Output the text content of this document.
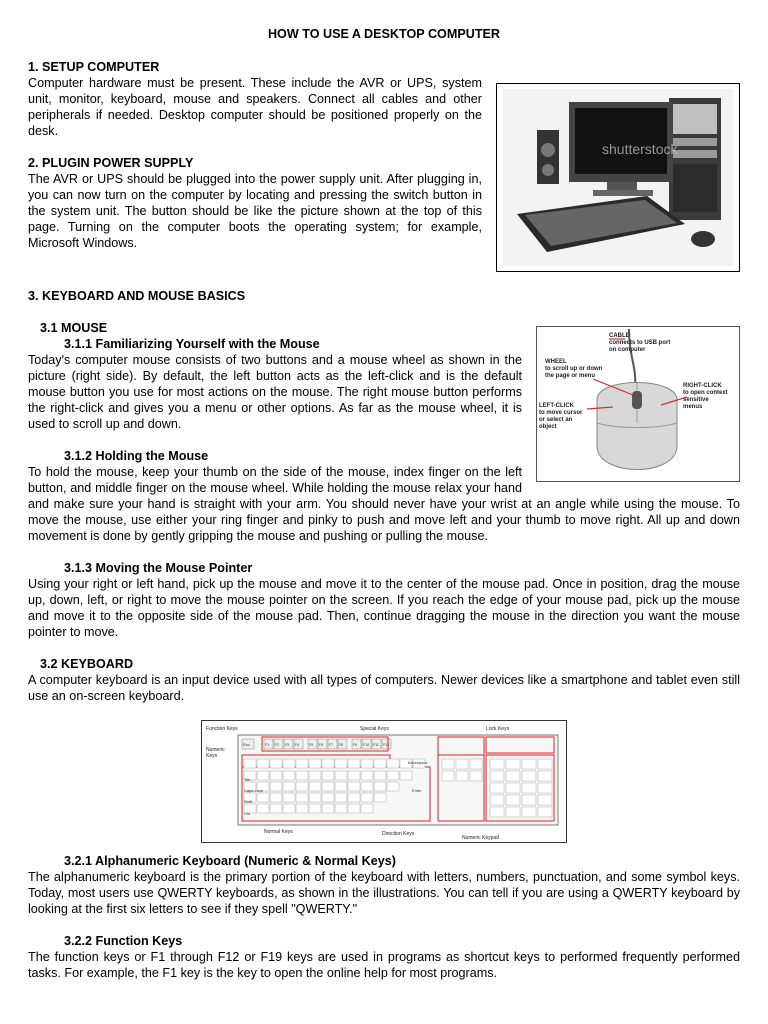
HOW TO USE A DESKTOP COMPUTER
shutterstock
1. SETUP COMPUTER

Computer hardware must be present. These include the AVR or UPS, system unit, monitor, keyboard, mouse and speakers. Connect all cables and other peripherals if needed. Desktop computer should be positioned properly on the desk.

2. PLUGIN POWER SUPPLY

The AVR or UPS should be plugged into the power supply unit. After plugging in, you can now turn on the computer by locating and pressing the switch button in the system unit. The button should be like the picture shown at the top of this page. Turning on the computer boots the operating system; for example, Microsoft Windows.

3. KEYBOARD AND MOUSE BASICS
CABLE
connects to USB port
on computer
WHEEL
to scroll up or down
the page or menu
RIGHT-CLICK
to open context
sensitive
menus
LEFT-CLICK
to move cursor
or select an
object
3.1 MOUSE
3.1.1 Familiarizing Yourself with the Mouse

Today's computer mouse consists of two buttons and a mouse wheel as shown in the picture (right side). By default, the left button acts as the left-click and is the default mouse button you use for most actions on the mouse. The right mouse button performs the right-click and gives you a menu or other options. As far as the mouse wheel, it is used to scroll up and down.

3.1.2 Holding the Mouse

To hold the mouse, keep your thumb on the side of the mouse, index finger on the left button, and middle finger on the mouse wheel. While holding the mouse relax your hand and make sure your hand is straight with your arm. You should never have your wrist at an angle while using the mouse. To move the mouse, use either your ring finger and pinky to push and move left and your thumb to move right. All up and down movement is done by gently gripping the mouse and pushing or pulling the mouse.

3.1.3 Moving the Mouse Pointer

Using your right or left hand, pick up the mouse and move it to the center of the mouse pad. Once in position, drag the mouse up, down, left, or right to move the mouse pointer on the screen. If you reach the edge of your mouse pad, pick up the mouse and move it to the opposite side of the mouse pad. Then, continue dragging the mouse in the direction you want the mouse pointer to move.

3.2 KEYBOARD

A computer keyboard is an input device used with all types of computers. Newer devices like a smartphone and tablet even still use an on-screen keyboard.

Function Keys	Special Keys	Lock Keys
Numeric
Keys
Normal Keys	Direction Keys
Numeric Keypad
F1 F2 F3 F4	F5 F6 F7 F8	F9 F10 F11 F12
Esc
Tab
Caps Lock
Shift
Ctrl
Enter
Backspace
3.2.1 Alphanumeric Keyboard (Numeric & Normal Keys)

The alphanumeric keyboard is the primary portion of the keyboard with letters, numbers, punctuation, and some symbol keys. Today, most users use QWERTY keyboards, as shown in the illustrations. You can tell if you are using a QWERTY keyboard by looking at the first six letters to see if they spell "QWERTY."

3.2.2 Function Keys

The function keys or F1 through F12 or F19 keys are used in programs as shortcut keys to performed frequently performed tasks. For example, the F1 key is the key to open the online help for most programs.
